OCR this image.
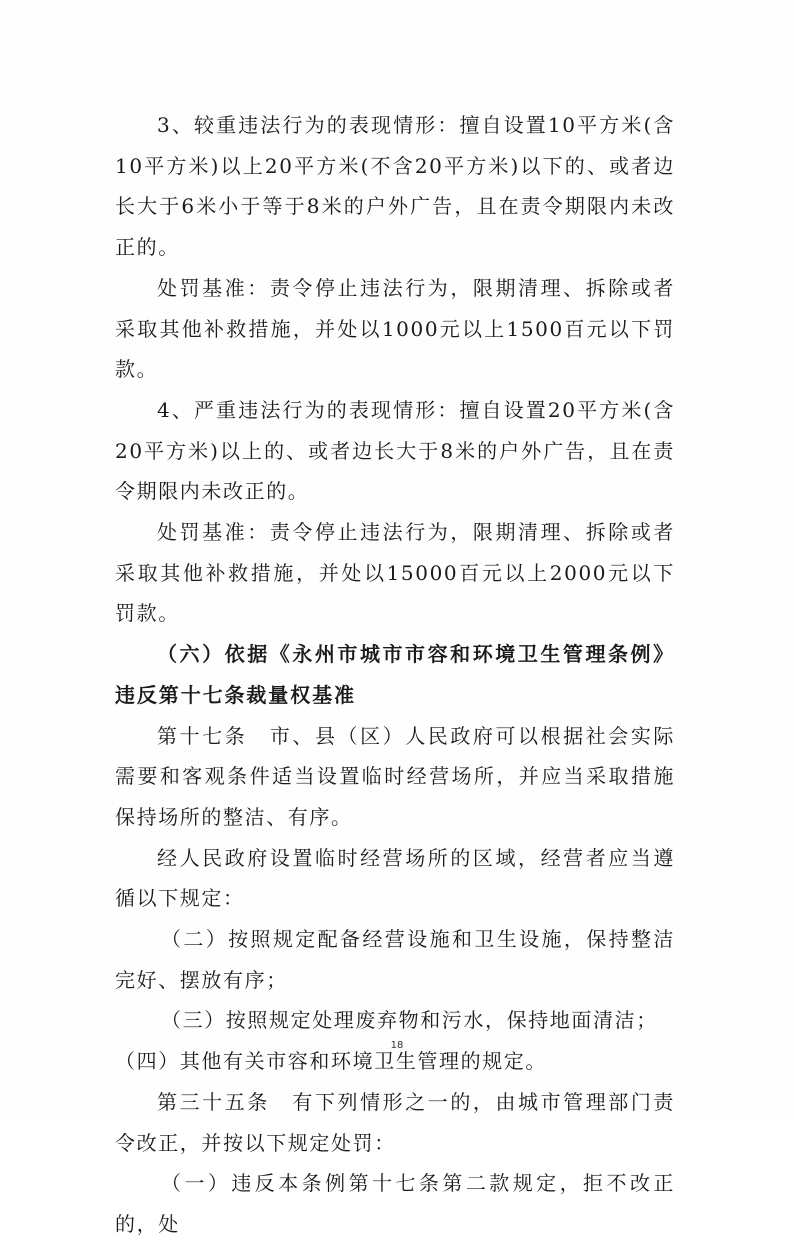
3、较重违法行为的表现情形：擅自设置10平方米(含10平方米)以上20平方米(不含20平方米)以下的、或者边长大于6米小于等于8米的户外广告，且在责令期限内未改正的。

处罚基准：责令停止违法行为，限期清理、拆除或者采取其他补救措施，并处以1000元以上1500百元以下罚款。

4、严重违法行为的表现情形：擅自设置20平方米(含20平方米)以上的、或者边长大于8米的户外广告，且在责令期限内未改正的。

处罚基准：责令停止违法行为，限期清理、拆除或者采取其他补救措施，并处以15000百元以上2000元以下罚款。

（六）依据《永州市城市市容和环境卫生管理条例》违反第十七条裁量权基准

第十七条　市、县（区）人民政府可以根据社会实际需要和客观条件适当设置临时经营场所，并应当采取措施保持场所的整洁、有序。

经人民政府设置临时经营场所的区域，经营者应当遵循以下规定：

（二）按照规定配备经营设施和卫生设施，保持整洁完好、摆放有序；

（三）按照规定处理废弃物和污水，保持地面清洁；

（四）其他有关市容和环境卫生管理的规定。

第三十五条　有下列情形之一的，由城市管理部门责令改正，并按以下规定处罚：

（一）违反本条例第十七条第二款规定，拒不改正的，处

18
